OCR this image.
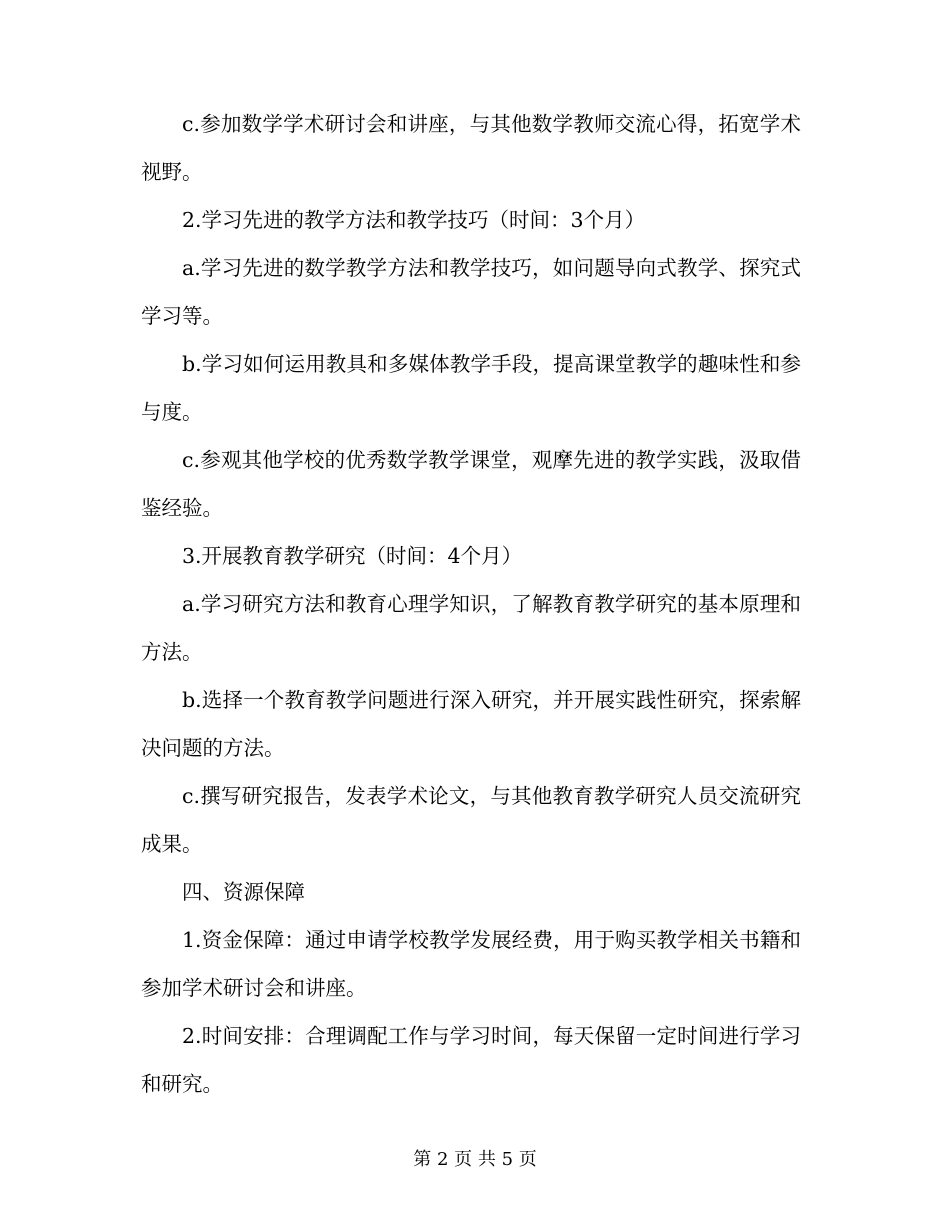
c.参加数学学术研讨会和讲座，与其他数学教师交流心得，拓宽学术视野。

2.学习先进的教学方法和教学技巧（时间：3个月）

a.学习先进的数学教学方法和教学技巧，如问题导向式教学、探究式学习等。

b.学习如何运用教具和多媒体教学手段，提高课堂教学的趣味性和参与度。

c.参观其他学校的优秀数学教学课堂，观摩先进的教学实践，汲取借鉴经验。

3.开展教育教学研究（时间：4个月）

a.学习研究方法和教育心理学知识，了解教育教学研究的基本原理和方法。

b.选择一个教育教学问题进行深入研究，并开展实践性研究，探索解决问题的方法。

c.撰写研究报告，发表学术论文，与其他教育教学研究人员交流研究成果。

四、资源保障

1.资金保障：通过申请学校教学发展经费，用于购买教学相关书籍和参加学术研讨会和讲座。

2.时间安排：合理调配工作与学习时间，每天保留一定时间进行学习和研究。

第 2 页 共 5 页
